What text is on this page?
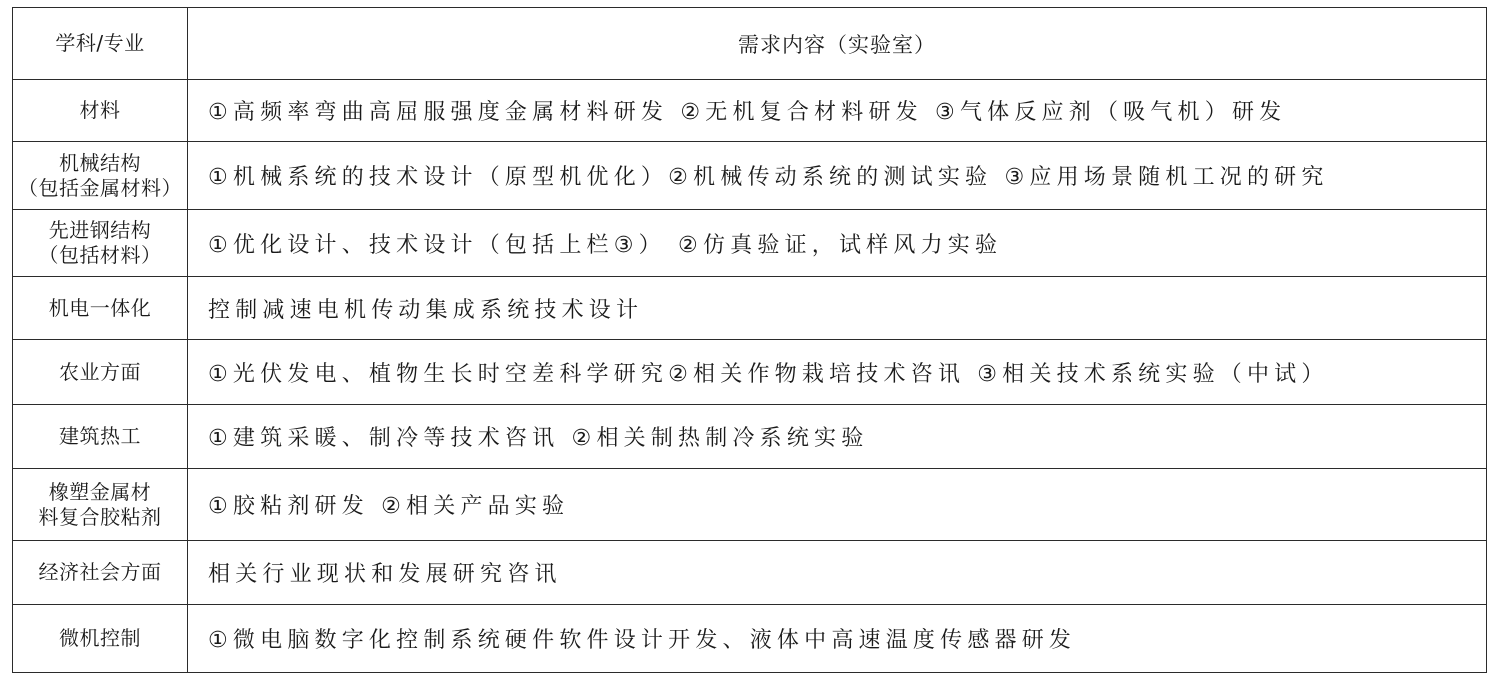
学科/专业	需求内容（实验室）

材料	①高频率弯曲高屈服强度金属材料研发 ②无机复合材料研发 ③气体反应剂（吸气机）研发

机械结构
（包括金属材料）	①机械系统的技术设计（原型机优化）②机械传动系统的测试实验 ③应用场景随机工况的研究

先进钢结构
（包括材料）	①优化设计、技术设计（包括上栏③） ②仿真验证，试样风力实验

机电一体化	控制减速电机传动集成系统技术设计

农业方面	①光伏发电、植物生长时空差科学研究②相关作物栽培技术咨讯 ③相关技术系统实验（中试）

建筑热工	①建筑采暖、制冷等技术咨讯 ②相关制热制冷系统实验

橡塑金属材
料复合胶粘剂	①胶粘剂研发 ②相关产品实验

经济社会方面	相关行业现状和发展研究咨讯

微机控制	①微电脑数字化控制系统硬件软件设计开发、液体中高速温度传感器研发
